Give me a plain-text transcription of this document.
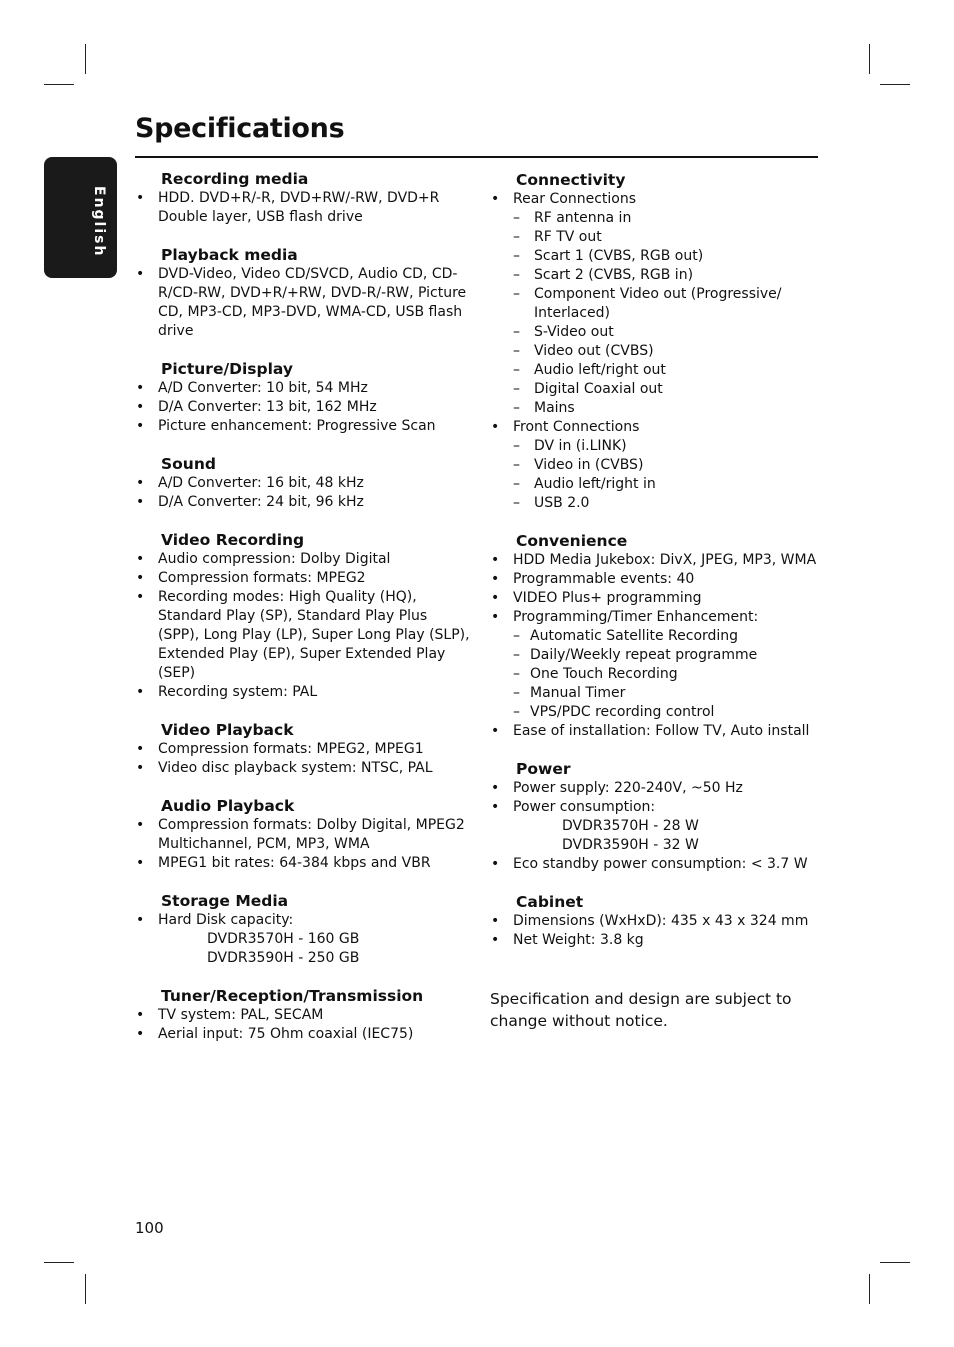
Specifications
English
Recording media
• HDD. DVD+R/-R, DVD+RW/-RW, DVD+R Double layer, USB flash drive
Playback media
• DVD-Video, Video CD/SVCD, Audio CD, CD-R/CD-RW, DVD+R/+RW, DVD-R/-RW, Picture CD, MP3-CD, MP3-DVD, WMA-CD, USB flash drive
Picture/Display
• A/D Converter: 10 bit, 54 MHz
• D/A Converter: 13 bit, 162 MHz
• Picture enhancement: Progressive Scan
Sound
• A/D Converter: 16 bit, 48 kHz
• D/A Converter: 24 bit, 96 kHz
Video Recording
• Audio compression: Dolby Digital
• Compression formats: MPEG2
• Recording modes: High Quality (HQ), Standard Play (SP), Standard Play Plus (SPP), Long Play (LP), Super Long Play (SLP), Extended Play (EP), Super Extended Play (SEP)
• Recording system: PAL
Video Playback
• Compression formats: MPEG2, MPEG1
• Video disc playback system: NTSC, PAL
Audio Playback
• Compression formats: Dolby Digital, MPEG2 Multichannel, PCM, MP3, WMA
• MPEG1 bit rates: 64-384 kbps and VBR
Storage Media
• Hard Disk capacity:
DVDR3570H - 160 GB
DVDR3590H - 250 GB
Tuner/Reception/Transmission
• TV system: PAL, SECAM
• Aerial input: 75 Ohm coaxial (IEC75)
Connectivity
• Rear Connections
– RF antenna in
– RF TV out
– Scart 1 (CVBS, RGB out)
– Scart 2 (CVBS, RGB in)
– Component Video out (Progressive/ Interlaced)
– S-Video out
– Video out (CVBS)
– Audio left/right out
– Digital Coaxial out
– Mains
• Front Connections
– DV in (i.LINK)
– Video in (CVBS)
– Audio left/right in
– USB 2.0
Convenience
• HDD Media Jukebox: DivX, JPEG, MP3, WMA
• Programmable events: 40
• VIDEO Plus+ programming
• Programming/Timer Enhancement:
– Automatic Satellite Recording
– Daily/Weekly repeat programme
– One Touch Recording
– Manual Timer
– VPS/PDC recording control
• Ease of installation: Follow TV, Auto install
Power
• Power supply: 220-240V, ~50 Hz
• Power consumption:
DVDR3570H - 28 W
DVDR3590H - 32 W
• Eco standby power consumption: < 3.7 W
Cabinet
• Dimensions (WxHxD): 435 x 43 x 324 mm
• Net Weight: 3.8 kg
Specification and design are subject to change without notice.
100
